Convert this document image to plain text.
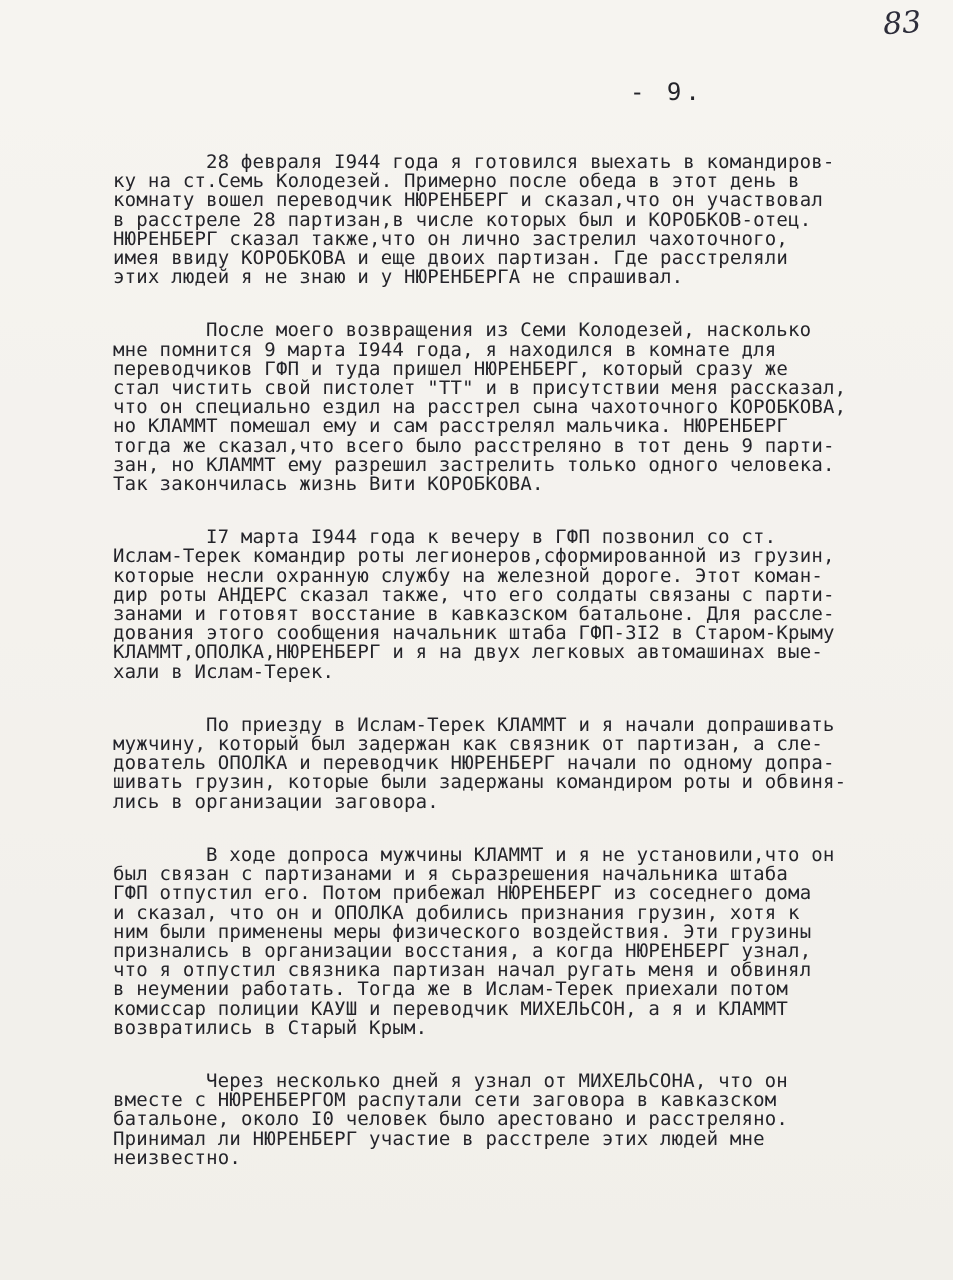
83
- 9.
28 февраля I944 года я готовился выехать в командиров-
ку на ст.Семь Колодезей. Примерно после обеда в этот день в
комнату вошел переводчик НЮРЕНБЕРГ и сказал,что он участвовал
в расстреле 28 партизан,в числе которых был и КОРОБКОВ-отец.
НЮРЕНБЕРГ сказал также,что он лично застрелил чахоточного,
имея ввиду КОРОБКОВА и еще двоих партизан. Где расстреляли
этих людей я не знаю и у НЮРЕНБЕРГА не спрашивал.
После моего возвращения из Семи Колодезей, насколько
мне помнится 9 марта I944 года, я находился в комнате для
переводчиков ГФП и туда пришел НЮРЕНБЕРГ, который сразу же
стал чистить свой пистолет "ТТ" и в присутствии меня рассказал,
что он специально ездил на расстрел сына чахоточного КОРОБКОВА,
но КЛАММТ помешал ему и сам расстрелял мальчика. НЮРЕНБЕРГ
тогда же сказал,что всего было расстреляно в тот день 9 парти-
зан, но КЛАММТ ему разрешил застрелить только одного человека.
Так закончилась жизнь Вити КОРОБКОВА.
I7 марта I944 года к вечеру в ГФП позвонил со ст.
Ислам-Терек командир роты легионеров,сформированной из грузин,
которые несли охранную службу на железной дороге. Этот коман-
дир роты АНДЕРС сказал также, что его солдаты связаны с парти-
занами и готовят восстание в кавказском батальоне. Для рассле-
дования этого сообщения начальник штаба ГФП-3I2 в Старом-Крыму
КЛАММТ,ОПОЛКА,НЮРЕНБЕРГ и я на двух легковых автомашинах вые-
хали в Ислам-Терек.
По приезду в Ислам-Терек КЛАММТ и я начали допрашивать
мужчину, который был задержан как связник от партизан, а сле-
дователь ОПОЛКА и переводчик НЮРЕНБЕРГ начали по одному допра-
шивать грузин, которые были задержаны командиром роты и обвиня-
лись в организации заговора.
В ходе допроса мужчины КЛАММТ и я не установили,что он
был связан с партизанами и я сьразрешения начальника штаба
ГФП отпустил его. Потом прибежал НЮРЕНБЕРГ из соседнего дома
и сказал, что он и ОПОЛКА добились признания грузин, хотя к
ним были применены меры физического воздействия. Эти грузины
признались в организации восстания, а когда НЮРЕНБЕРГ узнал,
что я отпустил связника партизан начал ругать меня и обвинял
в неумении работать. Тогда же в Ислам-Терек приехали потом
комиссар полиции КАУШ и переводчик МИХЕЛЬСОН, а я и КЛАММТ
возвратились в Старый Крым.
Через несколько дней я узнал от МИХЕЛЬСОНА, что он
вместе с НЮРЕНБЕРГОМ распутали сети заговора в кавказском
батальоне, около I0 человек было арестовано и расстреляно.
Принимал ли НЮРЕНБЕРГ участие в расстреле этих людей мне
неизвестно.
